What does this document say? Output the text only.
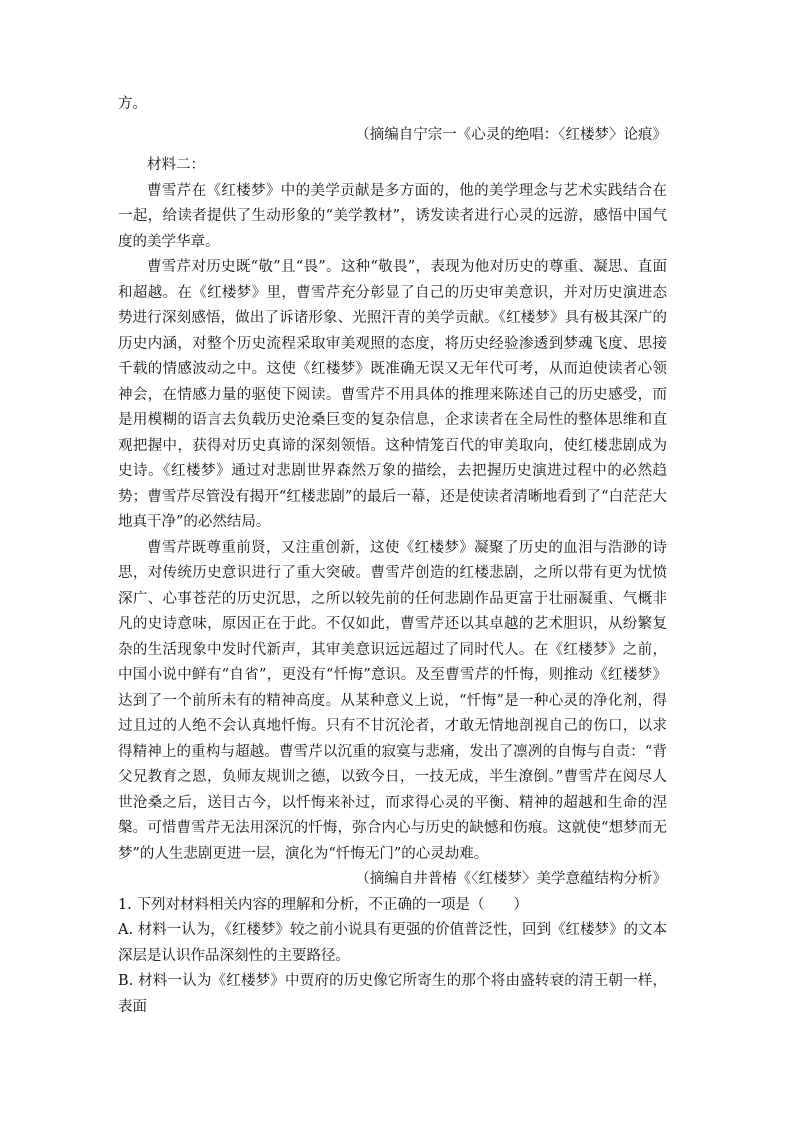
方。

（摘编自宁宗一《心灵的绝唱：〈红楼梦〉论痕》

材料二：

曹雪芹在《红楼梦》中的美学贡献是多方面的，他的美学理念与艺术实践结合在一起，给读者提供了生动形象的“美学教材”，诱发读者进行心灵的远游，感悟中国气度的美学华章。

曹雪芹对历史既“敬”且“畏”。这种“敬畏”，表现为他对历史的尊重、凝思、直面和超越。在《红楼梦》里，曹雪芹充分彰显了自己的历史审美意识，并对历史演进态势进行深刻感悟，做出了诉诸形象、光照汗青的美学贡献。《红楼梦》具有极其深广的历史内涵，对整个历史流程采取审美观照的态度，将历史经验渗透到梦魂飞度、思接千载的情感波动之中。这使《红楼梦》既准确无误又无年代可考，从而迫使读者心领神会，在情感力量的驱使下阅读。曹雪芹不用具体的推理来陈述自己的历史感受，而是用模糊的语言去负载历史沧桑巨变的复杂信息，企求读者在全局性的整体思维和直观把握中，获得对历史真谛的深刻领悟。这种情笼百代的审美取向，使红楼悲剧成为史诗。《红楼梦》通过对悲剧世界森然万象的描绘，去把握历史演进过程中的必然趋势；曹雪芹尽管没有揭开“红楼悲剧”的最后一幕，还是使读者清晰地看到了“白茫茫大地真干净”的必然结局。

曹雪芹既尊重前贤，又注重创新，这使《红楼梦》凝聚了历史的血泪与浩渺的诗思，对传统历史意识进行了重大突破。曹雪芹创造的红楼悲剧，之所以带有更为忧愤深广、心事苍茫的历史沉思，之所以较先前的任何悲剧作品更富于壮丽凝重、气概非凡的史诗意味，原因正在于此。不仅如此，曹雪芹还以其卓越的艺术胆识，从纷繁复杂的生活现象中发时代新声，其审美意识远远超过了同时代人。在《红楼梦》之前，中国小说中鲜有“自省”，更没有“忏悔”意识。及至曹雪芹的忏悔，则推动《红楼梦》达到了一个前所未有的精神高度。从某种意义上说，“忏悔”是一种心灵的净化剂，得过且过的人绝不会认真地忏悔。只有不甘沉沦者，才敢无情地剖视自己的伤口，以求得精神上的重构与超越。曹雪芹以沉重的寂寞与悲痛，发出了凛冽的自悔与自责：“背父兄教育之恩，负师友规训之德，以致今日，一技无成，半生潦倒。”曹雪芹在阅尽人世沧桑之后，送目古今，以忏悔来补过，而求得心灵的平衡、精神的超越和生命的涅槃。可惜曹雪芹无法用深沉的忏悔，弥合内心与历史的缺憾和伤痕。这就使“想梦而无梦”的人生悲剧更进一层，演化为“忏悔无门”的心灵劫难。

（摘编自井普椿《〈红楼梦〉美学意蕴结构分析》

1. 下列对材料相关内容的理解和分析，不正确的一项是（　　）

A. 材料一认为，《红楼梦》较之前小说具有更强的价值普泛性，回到《红楼梦》的文本深层是认识作品深刻性的主要路径。

B. 材料一认为《红楼梦》中贾府的历史像它所寄生的那个将由盛转衰的清王朝一样，表面
